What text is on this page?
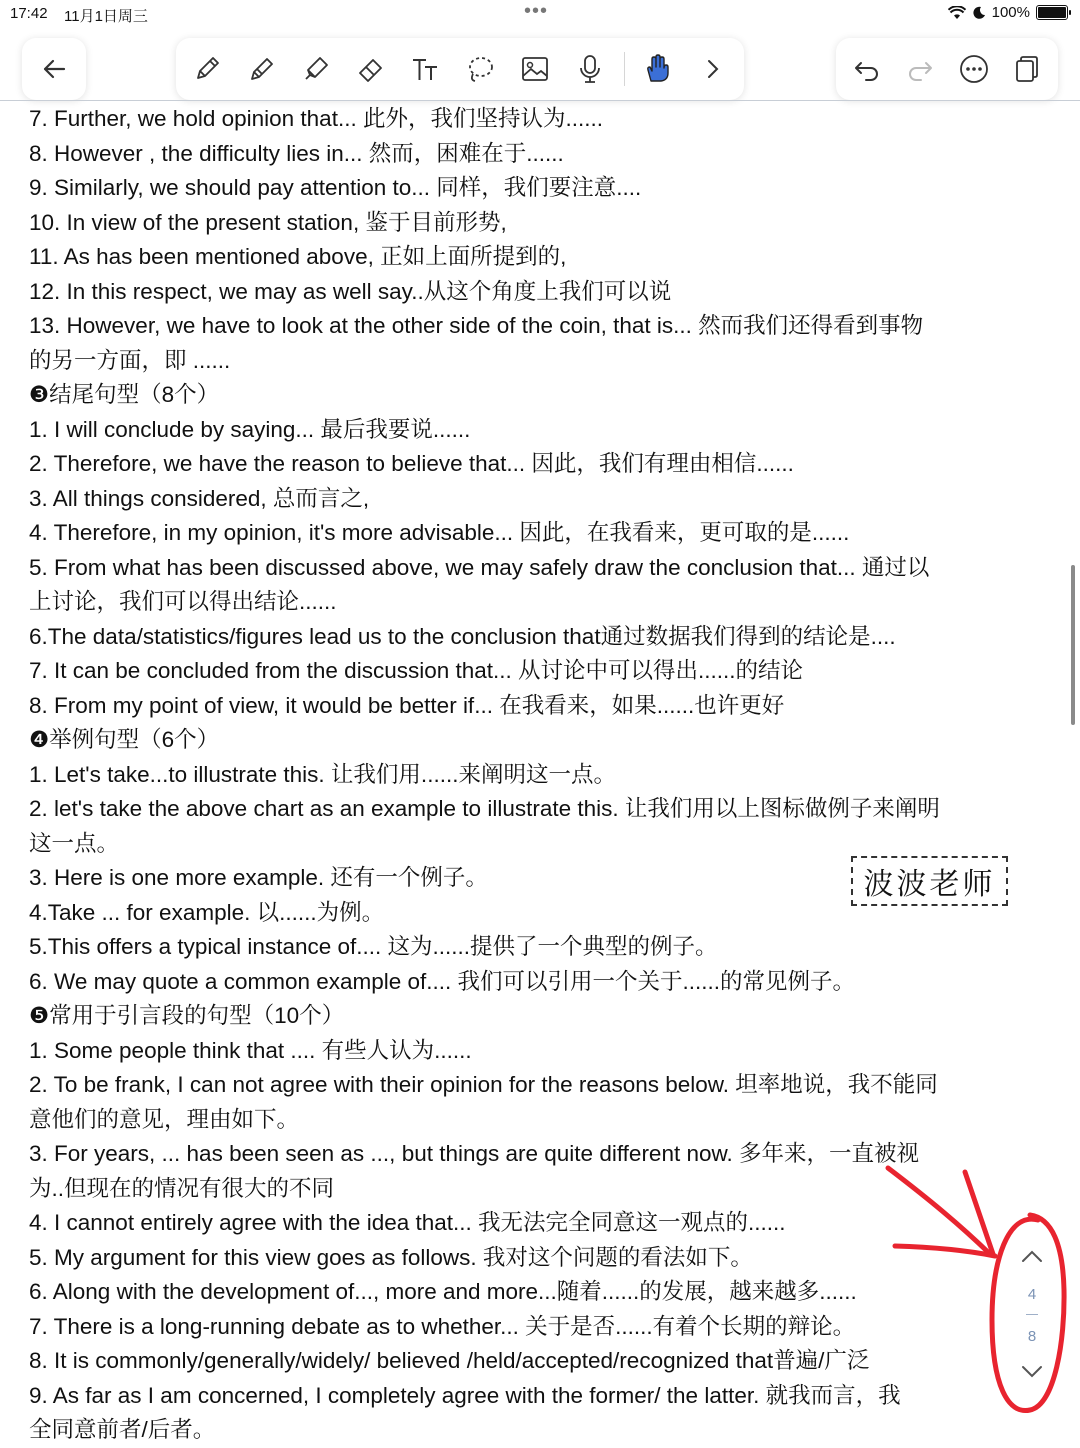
17:42 11月1日周三	•••	100%
7. Further, we hold opinion that... 此外，我们坚持认为......
8. However , the difficulty lies in... 然而，困难在于......
9. Similarly, we should pay attention to... 同样，我们要注意....
10. In view of the present station, 鉴于目前形势,
11. As has been mentioned above, 正如上面所提到的,
12. In this respect, we may as well say..从这个角度上我们可以说
13. However, we have to look at the other side of the coin, that is... 然而我们还得看到事物
的另一方面，即 ......
❸结尾句型（8个）
1. I will conclude by saying... 最后我要说......
2. Therefore, we have the reason to believe that... 因此，我们有理由相信......
3. All things considered, 总而言之,
4. Therefore, in my opinion, it's more advisable... 因此，在我看来，更可取的是......
5. From what has been discussed above, we may safely draw the conclusion that... 通过以
上讨论，我们可以得出结论......
6.The data/statistics/figures lead us to the conclusion that通过数据我们得到的结论是....
7. It can be concluded from the discussion that... 从讨论中可以得出......的结论
8. From my point of view, it would be better if... 在我看来，如果......也许更好
❹举例句型（6个）
1. Let's take...to illustrate this. 让我们用......来阐明这一点。
2. let's take the above chart as an example to illustrate this. 让我们用以上图标做例子来阐明
这一点。
3. Here is one more example. 还有一个例子。
4.Take ... for example. 以......为例。
5.This offers a typical instance of.... 这为......提供了一个典型的例子。
6. We may quote a common example of.... 我们可以引用一个关于......的常见例子。
❺常用于引言段的句型（10个）
1. Some people think that .... 有些人认为......
2. To be frank, I can not agree with their opinion for the reasons below. 坦率地说，我不能同
意他们的意见，理由如下。
3. For years, ... has been seen as ..., but things are quite different now. 多年来，一直被视
为..但现在的情况有很大的不同
4. I cannot entirely agree with the idea that... 我无法完全同意这一观点的......
5. My argument for this view goes as follows. 我对这个问题的看法如下。
6. Along with the development of..., more and more...随着......的发展，越来越多......
7. There is a long-running debate as to whether... 关于是否......有着个长期的辩论。
8. It is commonly/generally/widely/ believed /held/accepted/recognized that普遍/广泛
9. As far as I am concerned, I completely agree with the former/ the latter. 就我而言，我
全同意前者/后者。
波波老师
4
8
